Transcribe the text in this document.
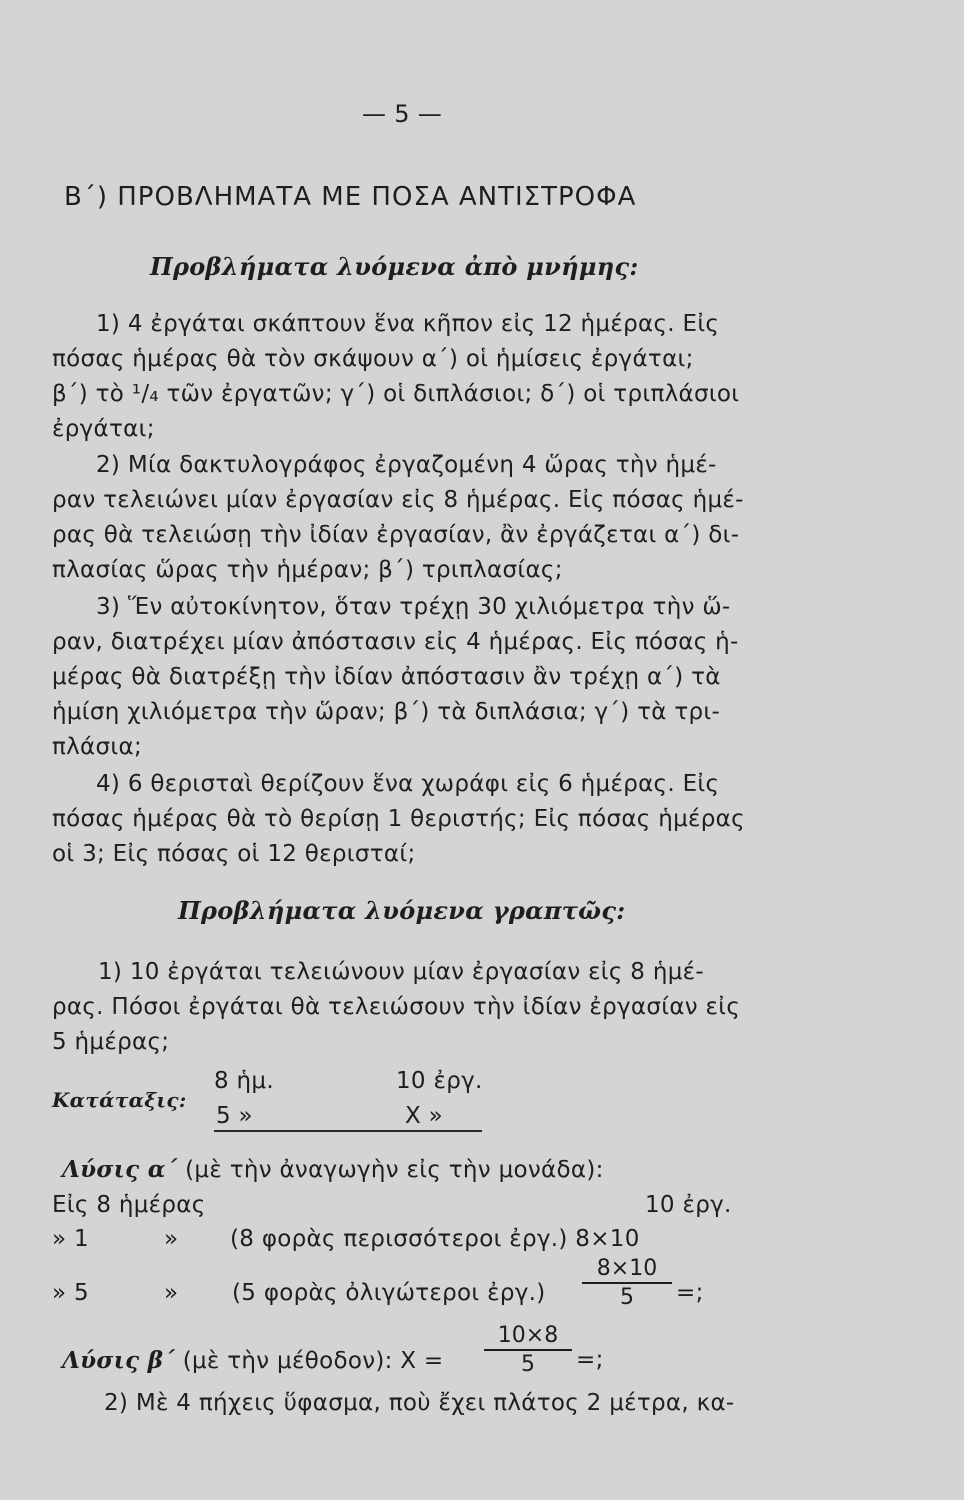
— 5 —
Β΄) ΠΡΟΒΛΗΜΑΤΑ ΜΕ ΠΟΣΑ ΑΝΤΙΣΤΡΟΦΑ
Προβλήματα λυόμενα ἀπὸ μνήμης:
1) 4 ἐργάται σκάπτουν ἕνα κῆπον εἰς 12 ἡμέρας. Εἰς
πόσας ἡμέρας θὰ τὸν σκάψουν α΄) οἱ ἡμίσεις ἐργάται;
β΄) τὸ ¹/₄ τῶν ἐργατῶν; γ΄) οἱ διπλάσιοι; δ΄) οἱ τριπλάσιοι
ἐργάται;
2) Μία δακτυλογράφος ἐργαζομένη 4 ὥρας τὴν ἡμέ-
ραν τελειώνει μίαν ἐργασίαν εἰς 8 ἡμέρας. Εἰς πόσας ἡμέ-
ρας θὰ τελειώσῃ τὴν ἰδίαν ἐργασίαν, ἂν ἐργάζεται α΄) δι-
πλασίας ὥρας τὴν ἡμέραν; β΄) τριπλασίας;
3) Ἕν αὐτοκίνητον, ὅταν τρέχῃ 30 χιλιόμετρα τὴν ὥ-
ραν, διατρέχει μίαν ἀπόστασιν εἰς 4 ἡμέρας. Εἰς πόσας ἡ-
μέρας θὰ διατρέξῃ τὴν ἰδίαν ἀπόστασιν ἂν τρέχῃ α΄) τὰ
ἡμίση χιλιόμετρα τὴν ὥραν; β΄) τὰ διπλάσια; γ΄) τὰ τρι-
πλάσια;
4) 6 θερισταὶ θερίζουν ἕνα χωράφι εἰς 6 ἡμέρας. Εἰς
πόσας ἡμέρας θὰ τὸ θερίσῃ 1 θεριστής; Εἰς πόσας ἡμέρας
οἱ 3; Εἰς πόσας οἱ 12 θερισταί;
Προβλήματα λυόμενα γραπτῶς:
1) 10 ἐργάται τελειώνουν μίαν ἐργασίαν εἰς 8 ἡμέ-
ρας. Πόσοι ἐργάται θὰ τελειώσουν τὴν ἰδίαν ἐργασίαν εἰς
5 ἡμέρας;
8 ἡμ.	10 ἐργ.
Κατάταξις:
5 »	X »
Λύσις α΄ (μὲ τὴν ἀναγωγὴν εἰς τὴν μονάδα):
Εἰς 8 ἡμέρας	10 ἐργ.
» 1	» (8 φορὰς περισσότεροι ἐργ.) 8×10
» 5	» (5 φορὰς ὀλιγώτεροι ἐργ.) $\frac{8\times 10}{5}$ =;
Λύσις β΄ (μὲ τὴν μέθοδον): $X = \frac{10\times 8}{5}$ =;
2) Μὲ 4 πήχεις ὕφασμα, ποὺ ἔχει πλάτος 2 μέτρα, κα-
